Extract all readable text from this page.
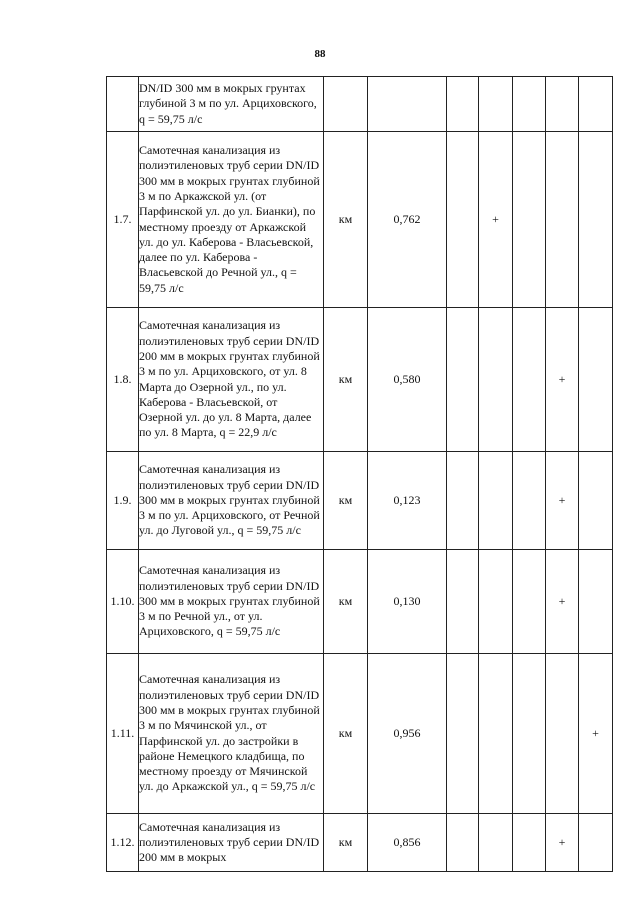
88
	DN/ID 300 мм в мокрых грунтах глубиной 3 м по ул. Арциховского, q = 59,75 л/с							
1.7.	Самотечная канализация из полиэтиленовых труб серии DN/ID 300 мм в мокрых грунтах глубиной 3 м по Аркажской ул. (от Парфинской ул. до ул. Бианки), по местному проезду от Аркажской ул. до ул. Каберова - Власьевской, далее по ул. Каберова - Власьевской до Речной ул., q = 59,75 л/с	км	0,762		+			
1.8.	Самотечная канализация из полиэтиленовых труб серии DN/ID 200 мм в мокрых грунтах глубиной 3 м по ул. Арциховского, от ул. 8 Марта до Озерной ул., по ул. Каберова - Власьевской, от Озерной ул. до ул. 8 Марта, далее по ул. 8 Марта, q = 22,9 л/с	км	0,580				+	
1.9.	Самотечная канализация из полиэтиленовых труб серии DN/ID 300 мм в мокрых грунтах глубиной 3 м по ул. Арциховского, от Речной ул. до Луговой ул., q = 59,75 л/с	км	0,123				+	
1.10.	Самотечная канализация из полиэтиленовых труб серии DN/ID 300 мм в мокрых грунтах глубиной 3 м по Речной ул., от ул. Арциховского, q = 59,75 л/с	км	0,130				+	
1.11.	Самотечная канализация из полиэтиленовых труб серии DN/ID 300 мм в мокрых грунтах глубиной 3 м по Мячинской ул., от Парфинской ул. до застройки в районе Немецкого кладбища, по местному проезду от Мячинской ул. до Аркажской ул., q = 59,75 л/с	км	0,956					+
1.12.	Самотечная канализация из полиэтиленовых труб серии DN/ID 200 мм в мокрых	км	0,856				+	
